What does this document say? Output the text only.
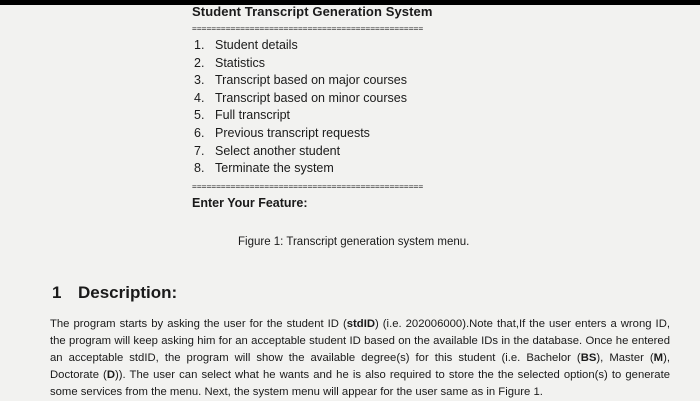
Student Transcript Generation System
================================================
1. Student details
2. Statistics
3. Transcript based on major courses
4. Transcript based on minor courses
5. Full transcript
6. Previous transcript requests
7. Select another student
8. Terminate the system
================================================
Enter Your Feature:
Figure 1: Transcript generation system menu.
1 Description:

The program starts by asking the user for the student ID (stdID) (i.e. 202006000).Note that,If the user enters a wrong ID, the program will keep asking him for an acceptable student ID based on the available IDs in the database. Once he entered an acceptable stdID, the program will show the available degree(s) for this student (i.e. Bachelor (BS), Master (M), Doctorate (D)). The user can select what he wants and he is also required to store the the selected option(s) to generate some services from the menu. Next, the system menu will appear for the user same as in Figure 1.
